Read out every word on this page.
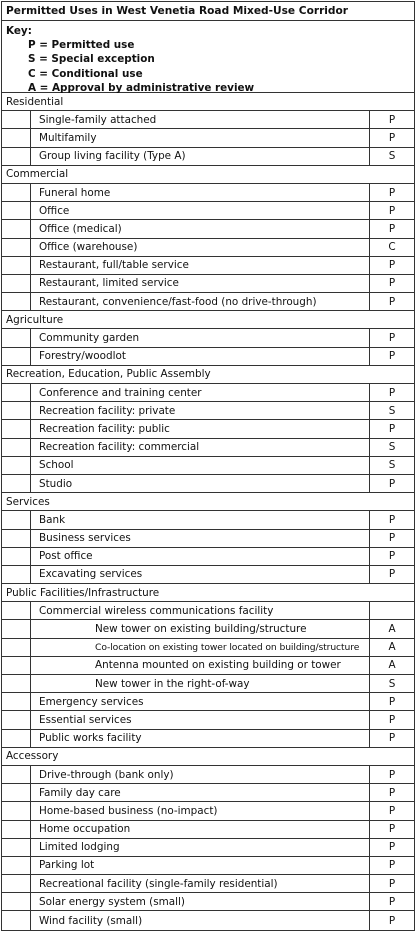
Permitted Uses in West Venetia Road Mixed-Use Corridor
Key:
P = Permitted use
S = Special exception
C = Conditional use
A = Approval by administrative review
Residential
Single-family attached	P
Multifamily	P
Group living facility (Type A)	S
Commercial
Funeral home	P
Office	P
Office (medical)	P
Office (warehouse)	C
Restaurant, full/table service	P
Restaurant, limited service	P
Restaurant, convenience/fast-food (no drive-through)	P
Agriculture
Community garden	P
Forestry/woodlot	P
Recreation, Education, Public Assembly
Conference and training center	P
Recreation facility: private	S
Recreation facility: public	P
Recreation facility: commercial	S
School	S
Studio	P
Services
Bank	P
Business services	P
Post office	P
Excavating services	P
Public Facilities/Infrastructure
Commercial wireless communications facility
New tower on existing building/structure	A
Co-location on existing tower located on building/structure	A
Antenna mounted on existing building or tower	A
New tower in the right-of-way	S
Emergency services	P
Essential services	P
Public works facility	P
Accessory
Drive-through (bank only)	P
Family day care	P
Home-based business (no-impact)	P
Home occupation	P
Limited lodging	P
Parking lot	P
Recreational facility (single-family residential)	P
Solar energy system (small)	P
Wind facility (small)	P
